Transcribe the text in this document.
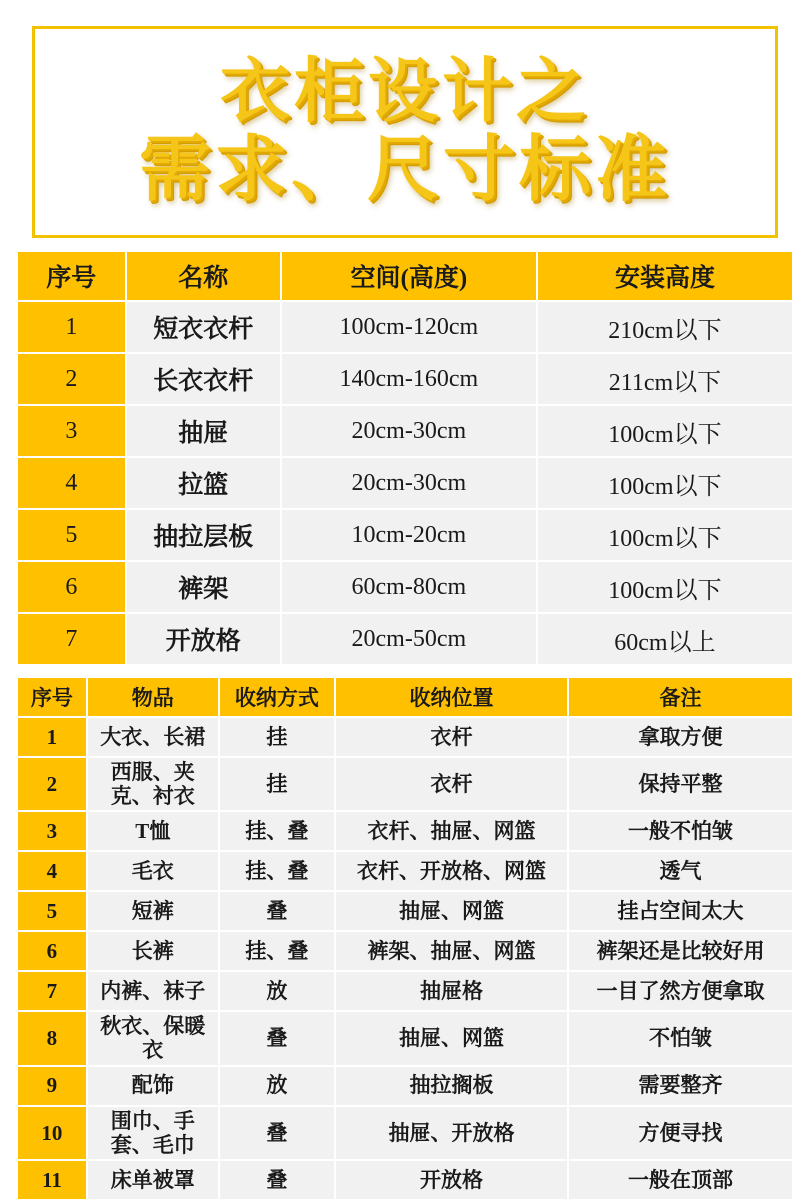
衣柜设计之
需求、尺寸标准
序号	名称	空间(高度)	安装高度
1	短衣衣杆	100cm-120cm	210cm以下
2	长衣衣杆	140cm-160cm	211cm以下
3	抽屉	20cm-30cm	100cm以下
4	拉篮	20cm-30cm	100cm以下
5	抽拉层板	10cm-20cm	100cm以下
6	裤架	60cm-80cm	100cm以下
7	开放格	20cm-50cm	60cm以上
序号	物品	收纳方式	收纳位置	备注
1	大衣、长裙	挂	衣杆	拿取方便
2	西服、夹克、衬衣	挂	衣杆	保持平整
3	T恤	挂、叠	衣杆、抽屉、网篮	一般不怕皱
4	毛衣	挂、叠	衣杆、开放格、网篮	透气
5	短裤	叠	抽屉、网篮	挂占空间太大
6	长裤	挂、叠	裤架、抽屉、网篮	裤架还是比较好用
7	内裤、袜子	放	抽屉格	一目了然方便拿取
8	秋衣、保暖衣	叠	抽屉、网篮	不怕皱
9	配饰	放	抽拉搁板	需要整齐
10	围巾、手套、毛巾	叠	抽屉、开放格	方便寻找
11	床单被罩	叠	开放格	一般在顶部
